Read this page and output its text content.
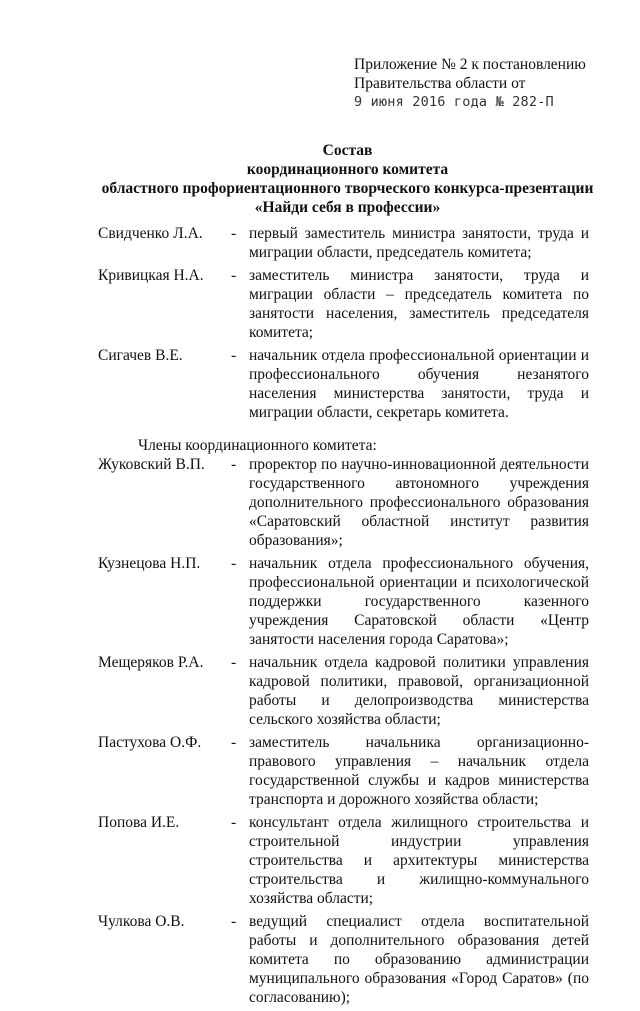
Приложение № 2 к постановлению
Правительства области от
9 июня 2016 года № 282-П
Состав
координационного комитета
областного профориентационного творческого конкурса-презентации
«Найди себя в профессии»
Свидченко Л.А.	- первый заместитель министра занятости, труда и миграции области, председатель комитета;
Кривицкая Н.А.	- заместитель министра занятости, труда и миграции области – председатель комитета по занятости населения, заместитель председателя комитета;
Сигачев В.Е.	- начальник отдела профессиональной ориентации и профессионального обучения незанятого населения министерства занятости, труда и миграции области, секретарь комитета.
Члены координационного комитета:
Жуковский В.П.	- проректор по научно-инновационной деятельности государственного автономного учреждения дополнительного профессионального образования «Саратовский областной институт развития образования»;
Кузнецова Н.П.	- начальник отдела профессионального обучения, профессиональной ориентации и психологической поддержки государственного казенного учреждения Саратовской области «Центр занятости населения города Саратова»;
Мещеряков Р.А.	- начальник отдела кадровой политики управления кадровой политики, правовой, организационной работы и делопроизводства министерства сельского хозяйства области;
Пастухова О.Ф.	- заместитель начальника организационно-правового управления – начальник отдела государственной службы и кадров министерства транспорта и дорожного хозяйства области;
Попова И.Е.	- консультант отдела жилищного строительства и строительной индустрии управления строительства и архитектуры министерства строительства и жилищно-коммунального хозяйства области;
Чулкова О.В.	- ведущий специалист отдела воспитательной работы и дополнительного образования детей комитета по образованию администрации муниципального образования «Город Саратов» (по согласованию);
